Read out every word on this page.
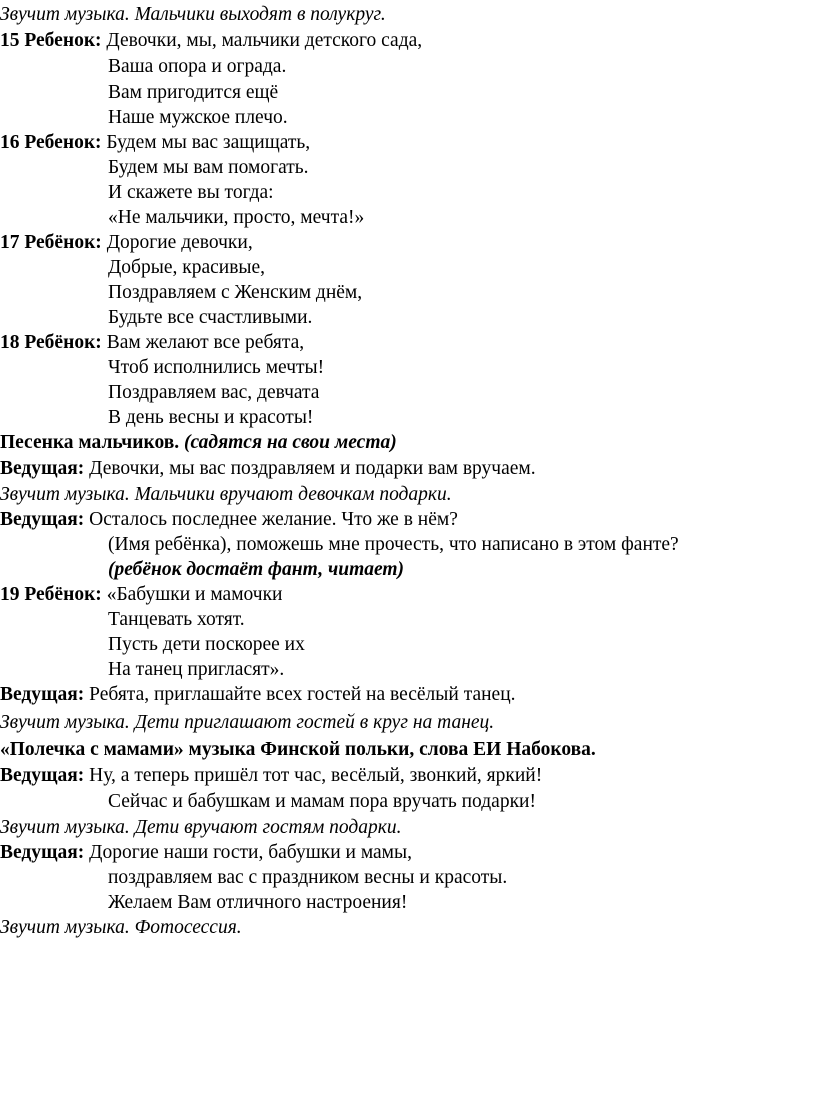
Звучит музыка. Мальчики выходят в полукруг.
15 Ребенок: Девочки, мы, мальчики детского сада,
Ваша опора и ограда.
Вам пригодится ещё
Наше мужское плечо.
16 Ребенок: Будем мы вас защищать,
Будем мы вам помогать.
И скажете вы тогда:
«Не мальчики, просто, мечта!»
17 Ребёнок: Дорогие девочки,
Добрые, красивые,
Поздравляем с Женским днём,
Будьте все счастливыми.
18 Ребёнок: Вам желают все ребята,
Чтоб исполнились мечты!
Поздравляем вас, девчата
В день весны и красоты!
Песенка мальчиков. (садятся на свои места)
Ведущая: Девочки, мы вас поздравляем и подарки вам вручаем.
Звучит музыка. Мальчики вручают девочкам подарки.
Ведущая: Осталось последнее желание. Что же в нём?
(Имя ребёнка), поможешь мне прочесть, что написано в этом фанте?
(ребёнок достаёт фант, читает)
19 Ребёнок: «Бабушки и мамочки
Танцевать хотят.
Пусть дети поскорее их
На танец пригласят».
Ведущая: Ребята, приглашайте всех гостей на весёлый танец.
Звучит музыка. Дети приглашают гостей в круг на танец.
«Полечка с мамами» музыка Финской польки, слова ЕИ Набокова.
Ведущая: Ну, а теперь пришёл тот час, весёлый, звонкий, яркий!
Сейчас и бабушкам и мамам пора вручать подарки!
Звучит музыка. Дети вручают гостям подарки.
Ведущая: Дорогие наши гости, бабушки и мамы,
поздравляем вас с праздником весны и красоты.
Желаем Вам отличного настроения!
Звучит музыка. Фотосессия.
